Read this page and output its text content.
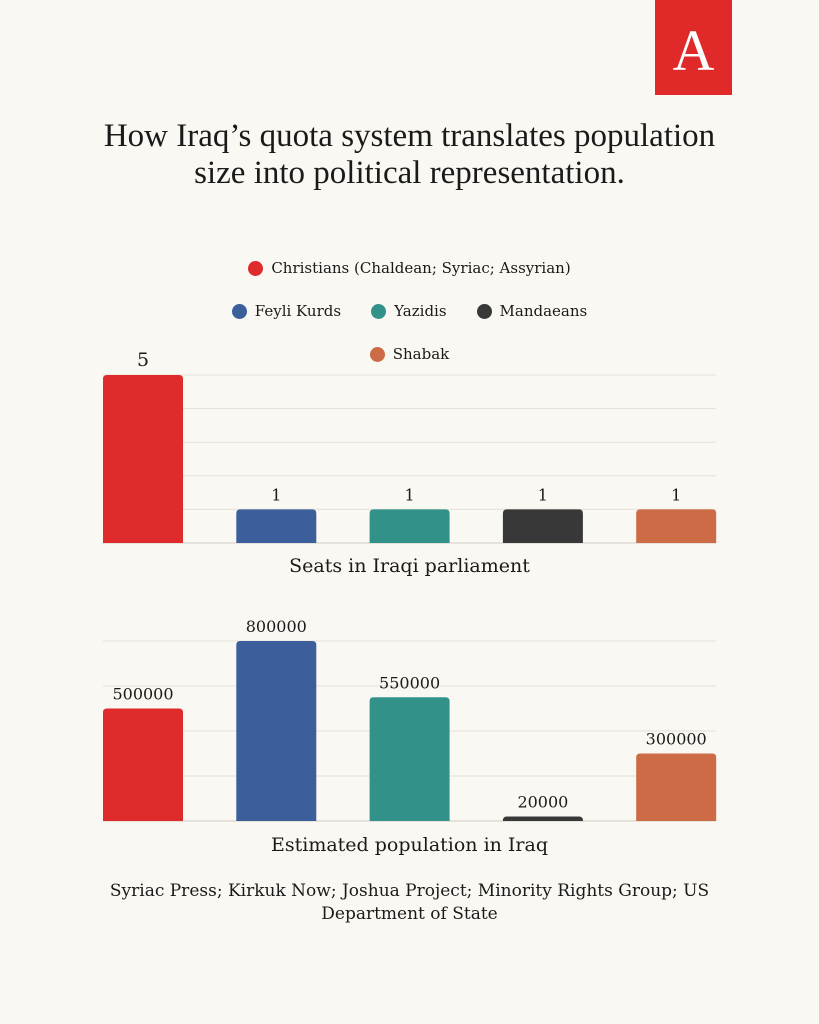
A
How Iraq’s quota system translates population size into political representation.
Christians (Chaldean; Syriac; Assyrian)
Feyli Kurds	Yazidis	Mandaeans
Shabak
5
1	1	1	1
Seats in Iraqi parliament
500000
800000
550000
20000
300000
Estimated population in Iraq
Syriac Press; Kirkuk Now; Joshua Project; Minority Rights Group; US Department of State
